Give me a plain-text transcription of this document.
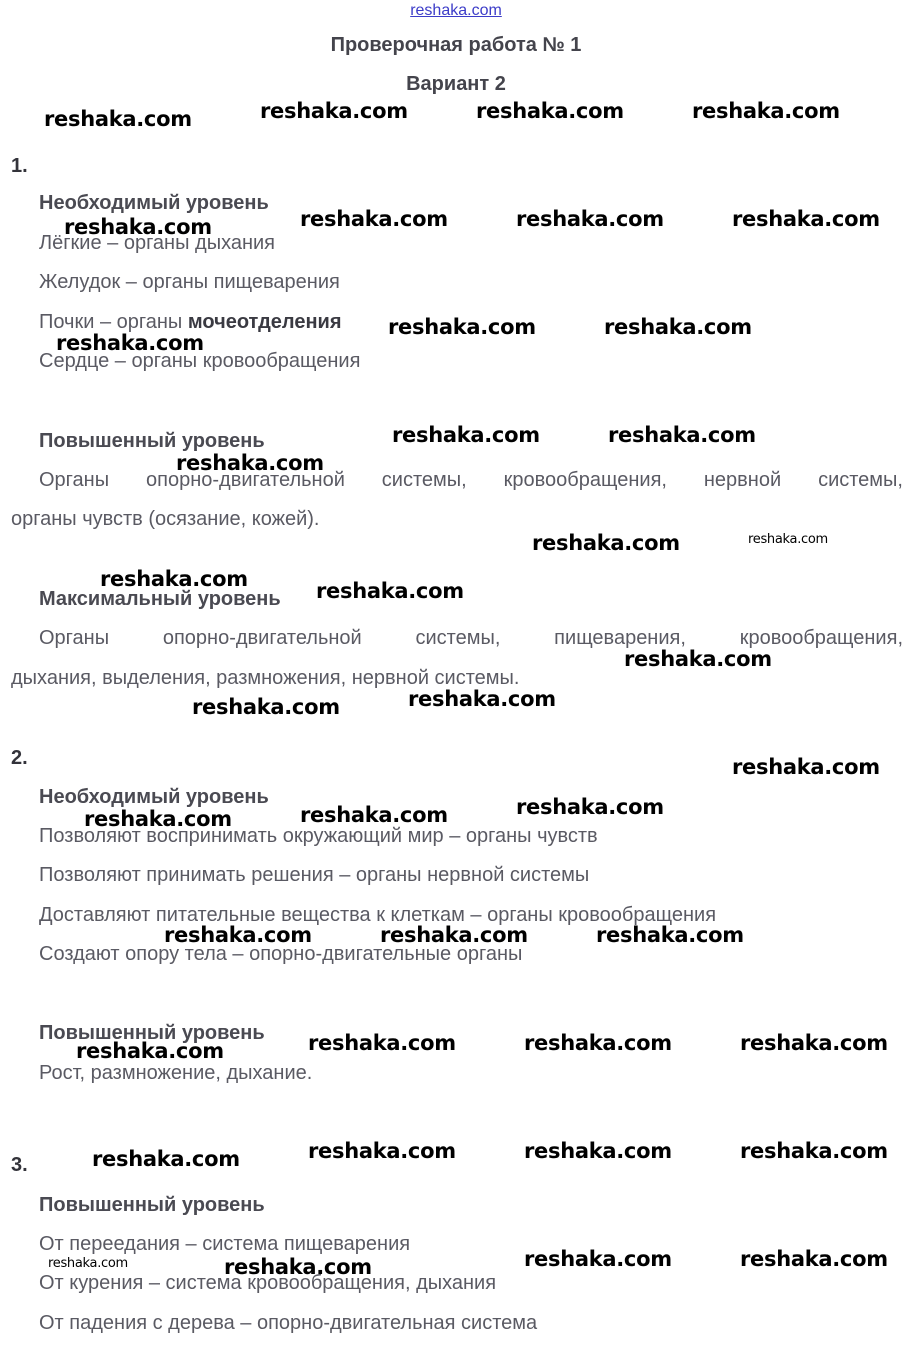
reshaka.com
Проверочная работа № 1
Вариант 2
1.
Необходимый уровень
Лёгкие – органы дыхания
Желудок – органы пищеварения
Почки – органы мочеотделения
Сердце – органы кровообращения
Повышенный уровень
Органы опорно-двигательной системы, кровообращения, нервной системы,
органы чувств (осязание, кожей).
Максимальный уровень
Органы опорно-двигательной системы, пищеварения, кровообращения,
дыхания, выделения, размножения, нервной системы.
2.
Необходимый уровень
Позволяют воспринимать окружающий мир – органы чувств
Позволяют принимать решения – органы нервной системы
Доставляют питательные вещества к клеткам – органы кровообращения
Создают опору тела – опорно-двигательные органы
Повышенный уровень
Рост, размножение, дыхание.
3.
Повышенный уровень
От переедания – система пищеварения
От курения – система кровообращения, дыхания
От падения с дерева – опорно-двигательная система
reshaka.com	reshaka.com	reshaka.com	reshaka.com
reshaka.com	reshaka.com	reshaka.com	reshaka.com
reshaka.com	reshaka.com
reshaka.com
reshaka.com	reshaka.com
reshaka.com
reshaka.com	reshaka.com
reshaka.com	reshaka.com
reshaka.com
reshaka.com
reshaka.com
reshaka.com
reshaka.com
reshaka.com
reshaka.com
reshaka.com	reshaka.com	reshaka.com
reshaka.com	reshaka.com	reshaka.com
reshaka.com
reshaka.com	reshaka.com	reshaka.com
reshaka.com
reshaka.com	reshaka.com
reshaka.com	reshaka.com
